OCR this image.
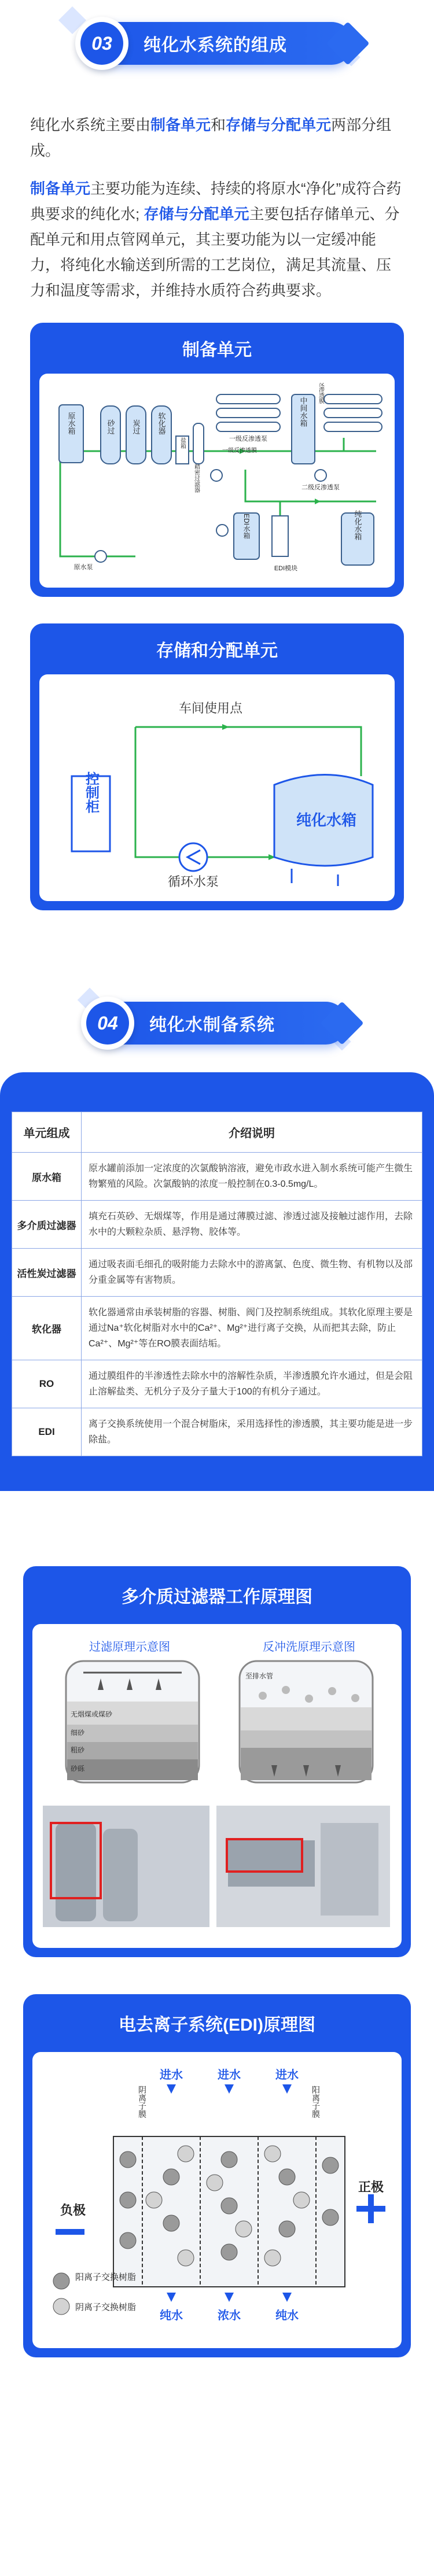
03	纯化水系统的组成

纯化水系统主要由制备单元和存储与分配单元两部分组成。

制备单元主要功能为连续、持续的将原水“净化”成符合药典要求的纯化水; 存储与分配单元主要包括存储单元、分配单元和用点管网单元，其主要功能为以一定缓冲能力，将纯化水输送到所需的工艺岗位，满足其流量、压力和温度等需求，并维持水质符合药典要求。

制备单元
原水箱	砂过 炭过 软化器
盐箱	一级反渗透泵
中间水箱
二级反渗透膜
EDI水箱
EDI模块
纯化水箱
原水泵
二级反渗透泵
精密过滤器
一级反渗透膜
存储和分配单元
车间使用点
控制柜
循环水泵
纯化水箱
04	纯化水制备系统
单元组成	介绍说明
原水箱	原水罐前添加一定浓度的次氯酸钠溶液，避免市政水进入制水系统可能产生微生物繁殖的风险。次氯酸钠的浓度一般控制在0.3-0.5mg/L。
多介质过滤器	填充石英砂、无烟煤等，作用是通过薄膜过滤、渗透过滤及接触过滤作用，去除水中的大颗粒杂质、悬浮物、胶体等。
活性炭过滤器	通过吸表面毛细孔的吸附能力去除水中的游离氯、色度、微生物、有机物以及部分重金属等有害物质。
软化器	软化器通常由承装树脂的容器、树脂、阀门及控制系统组成。其软化原理主要是通过Na⁺软化树脂对水中的Ca²⁺、Mg²⁺进行离子交换，从而把其去除，防止Ca²⁺、Mg²⁺等在RO膜表面结垢。
RO	通过膜组件的半渗透性去除水中的溶解性杂质，半渗透膜允许水通过，但是会阻止溶解盐类、无机分子及分子量大于100的有机分子通过。
EDI	离子交换系统使用一个混合树脂床，采用选择性的渗透膜，其主要功能是进一步除盐。
多介质过滤器工作原理图
过滤原理示意图	反冲洗原理示意图
无烟煤或煤砂
细砂
粗砂
砂砾
至排水管
电去离子系统(EDI)原理图
进水	进水	进水
阴离子膜	阳离子膜
负极
正极
阳离子交换树脂
阴离子交换树脂
纯水	浓水	纯水
